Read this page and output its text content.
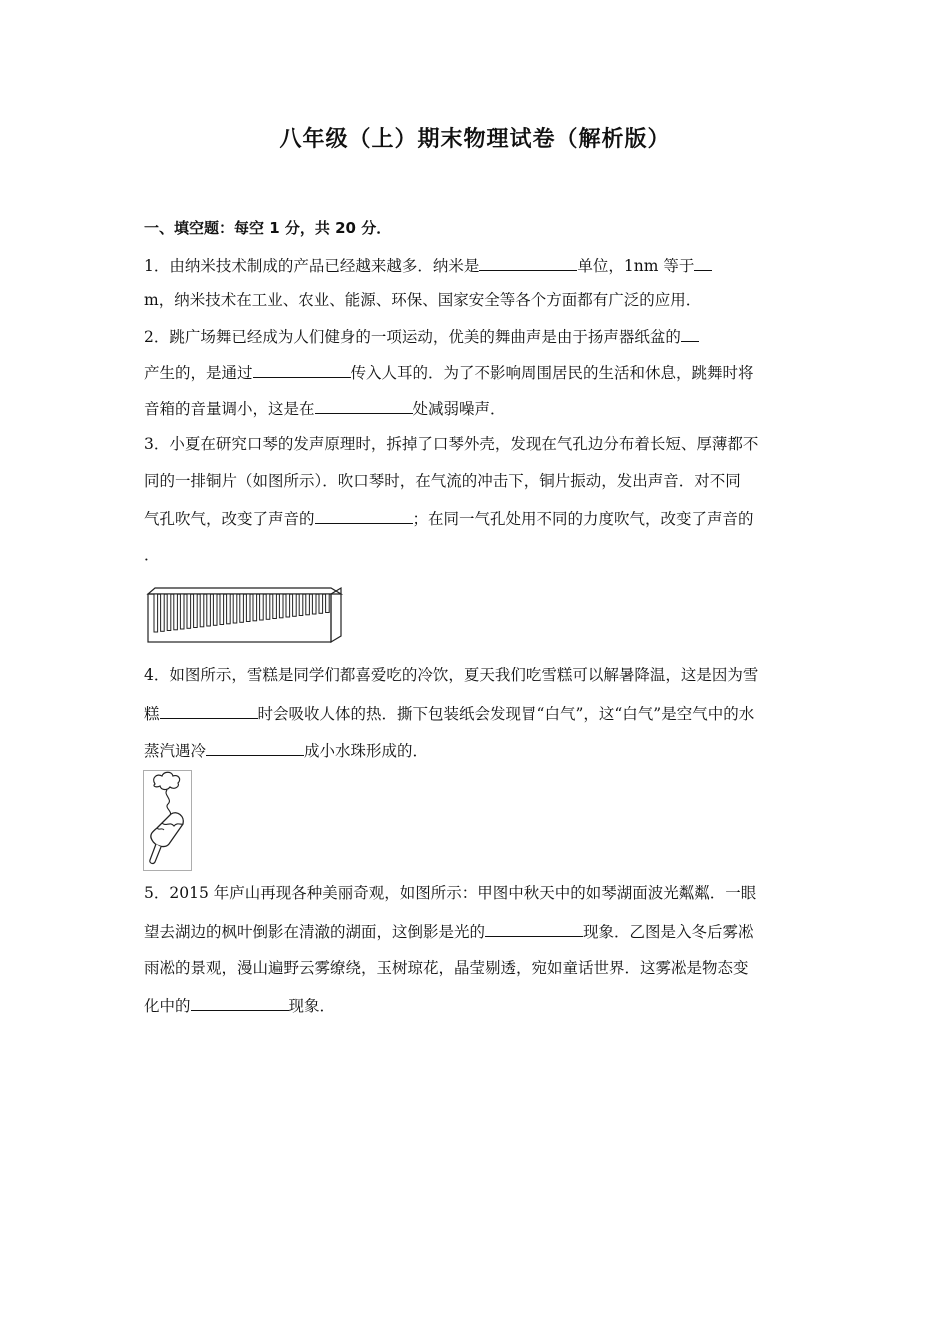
八年级（上）期末物理试卷（解析版）
一、填空题：每空 1 分，共 20 分．
1．由纳米技术制成的产品已经越来越多．纳米是	单位，1nm 等于
m，纳米技术在工业、农业、能源、环保、国家安全等各个方面都有广泛的应用．
2．跳广场舞已经成为人们健身的一项运动，优美的舞曲声是由于扬声器纸盆的
产生的，是通过	传入人耳的．为了不影响周围居民的生活和休息，跳舞时将
音箱的音量调小，这是在	处减弱噪声．
3．小夏在研究口琴的发声原理时，拆掉了口琴外壳，发现在气孔边分布着长短、厚薄都不
同的一排铜片（如图所示）．吹口琴时，在气流的冲击下，铜片振动，发出声音．对不同
气孔吹气，改变了声音的	；在同一气孔处用不同的力度吹气，改变了声音的
．
4．如图所示，雪糕是同学们都喜爱吃的冷饮，夏天我们吃雪糕可以解暑降温，这是因为雪
糕	时会吸收人体的热．撕下包装纸会发现冒“白气”，这“白气”是空气中的水
蒸汽遇冷	成小水珠形成的．
5．2015 年庐山再现各种美丽奇观，如图所示：甲图中秋天中的如琴湖面波光粼粼．一眼
望去湖边的枫叶倒影在清澈的湖面，这倒影是光的	现象．乙图是入冬后雾凇
雨凇的景观，漫山遍野云雾缭绕，玉树琼花，晶莹剔透，宛如童话世界．这雾凇是物态变
化中的	现象．
